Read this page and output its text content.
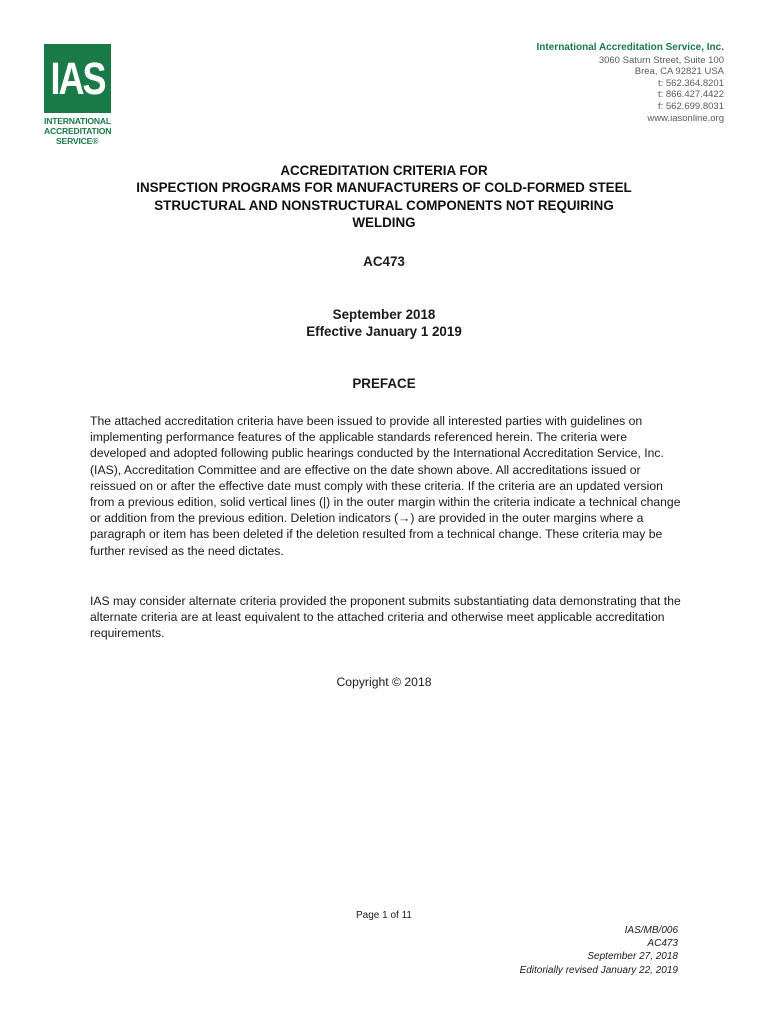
IAS
INTERNATIONAL
ACCREDITATION
SERVICE®
International Accreditation Service, Inc.
3060 Saturn Street, Suite 100
Brea, CA 92821 USA
t: 562.364.8201
t: 866.427.4422
f: 562.699.8031
www.iasonline.org
ACCREDITATION CRITERIA FOR
INSPECTION PROGRAMS FOR MANUFACTURERS OF COLD-FORMED STEEL
STRUCTURAL AND NONSTRUCTURAL COMPONENTS NOT REQUIRING
WELDING
AC473
September 2018
Effective January 1 2019
PREFACE
The attached accreditation criteria have been issued to provide all interested parties with guidelines on implementing performance features of the applicable standards referenced herein. The criteria were developed and adopted following public hearings conducted by the International Accreditation Service, Inc. (IAS), Accreditation Committee and are effective on the date shown above. All accreditations issued or reissued on or after the effective date must comply with these criteria. If the criteria are an updated version from a previous edition, solid vertical lines (|) in the outer margin within the criteria indicate a technical change or addition from the previous edition. Deletion indicators (→) are provided in the outer margins where a paragraph or item has been deleted if the deletion resulted from a technical change. These criteria may be further revised as the need dictates.
IAS may consider alternate criteria provided the proponent submits substantiating data demonstrating that the alternate criteria are at least equivalent to the attached criteria and otherwise meet applicable accreditation requirements.
Copyright © 2018
Page 1 of 11
IAS/MB/006
AC473
September 27, 2018
Editorially revised January 22, 2019
